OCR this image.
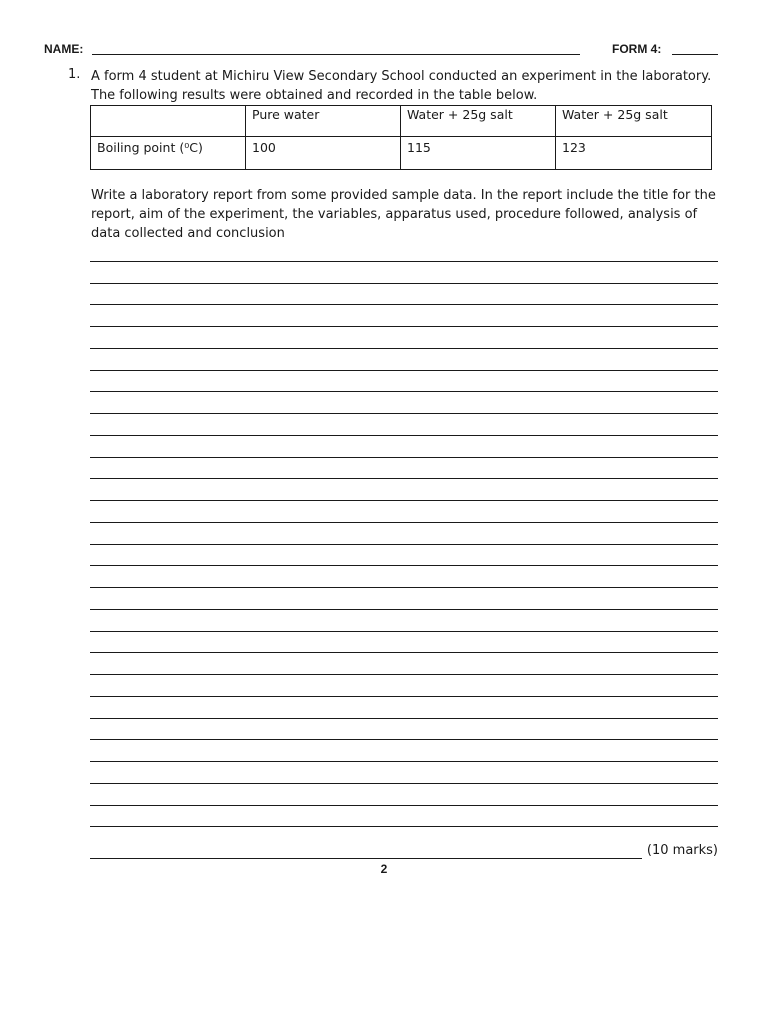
NAME:	FORM 4:
1. A form 4 student at Michiru View Secondary School conducted an experiment in the laboratory. The following results were obtained and recorded in the table below.
	Pure water	Water + 25g salt	Water + 25g salt
Boiling point (⁰C)	100	115	123
Write a laboratory report from some provided sample data. In the report include the title for the report, aim of the experiment, the variables, apparatus used, procedure followed, analysis of data collected and conclusion
(10 marks)
2
